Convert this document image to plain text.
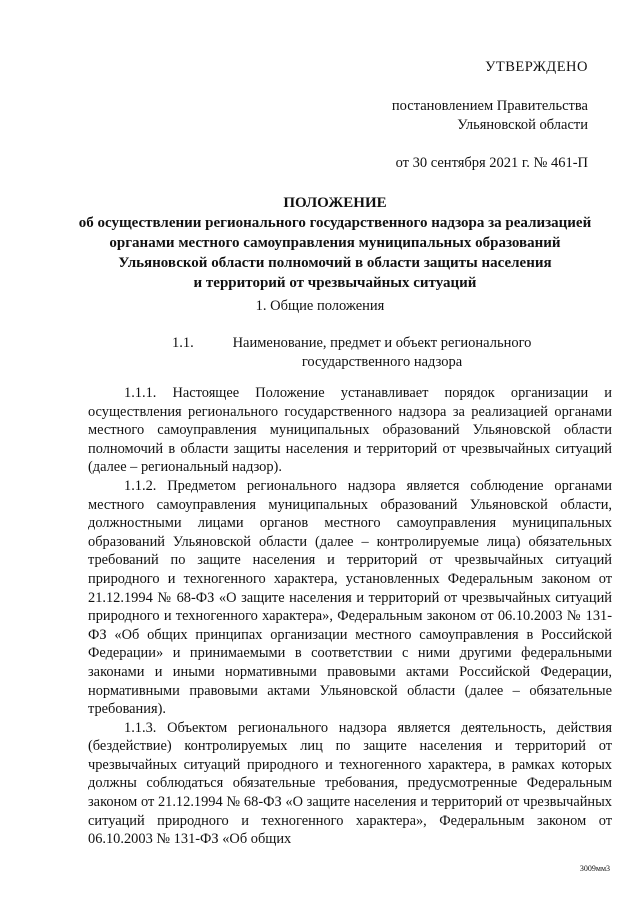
УТВЕРЖДЕНО
постановлением Правительства
Ульяновской области
от 30 сентября 2021 г. № 461-П
ПОЛОЖЕНИЕ
об осуществлении регионального государственного надзора за реализацией
органами местного самоуправления муниципальных образований
Ульяновской области полномочий в области защиты населения
и территорий от чрезвычайных ситуаций
1. Общие положения
1.1.	Наименование, предмет и объект регионального государственного надзора

1.1.1. Настоящее Положение устанавливает порядок организации и осуществления регионального государственного надзора за реализацией органами местного самоуправления муниципальных образований Ульяновской области полномочий в области защиты населения и территорий от чрезвычайных ситуаций (далее – региональный надзор).

1.1.2. Предметом регионального надзора является соблюдение органами местного самоуправления муниципальных образований Ульяновской области, должностными лицами органов местного самоуправления муниципальных образований Ульяновской области (далее – контролируемые лица) обязательных требований по защите населения и территорий от чрезвычайных ситуаций природного и техногенного характера, установленных Федеральным законом от 21.12.1994 № 68-ФЗ «О защите населения и территорий от чрезвычайных ситуаций природного и техногенного характера», Федеральным законом от 06.10.2003 № 131-ФЗ «Об общих принципах организации местного самоуправления в Российской Федерации» и принимаемыми в соответствии с ними другими федеральными законами и иными нормативными правовыми актами Российской Федерации, нормативными правовыми актами Ульяновской области (далее – обязательные требования).

1.1.3. Объектом регионального надзора является деятельность, действия (бездействие) контролируемых лиц по защите населения и территорий от чрезвычайных ситуаций природного и техногенного характера, в рамках которых должны соблюдаться обязательные требования, предусмотренные Федеральным законом от 21.12.1994 № 68-ФЗ «О защите населения и территорий от чрезвычайных ситуаций природного и техногенного характера», Федеральным законом от 06.10.2003 № 131-ФЗ «Об общих

3009мм3
